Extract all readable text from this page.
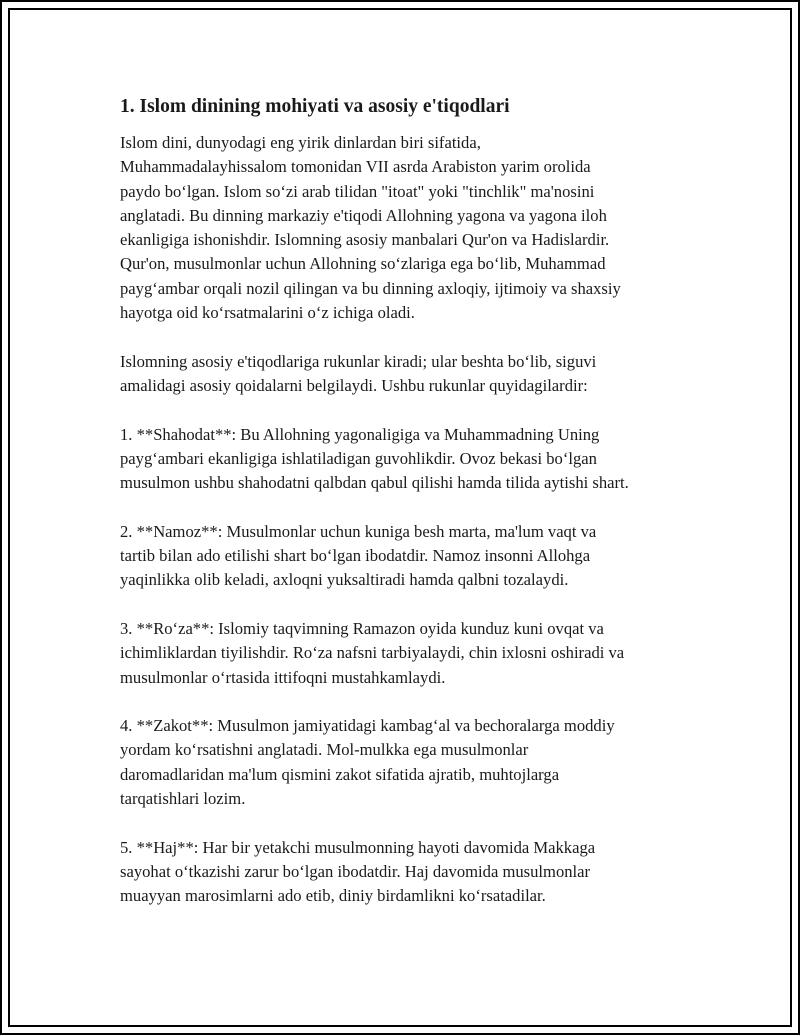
1. Islom dinining mohiyati va asosiy e'tiqodlari

Islom dini, dunyodagi eng yirik dinlardan biri sifatida,
Muhammadalayhissalom tomonidan VII asrda Arabiston yarim orolida
paydo boʻlgan. Islom soʻzi arab tilidan "itoat" yoki "tinchlik" ma'nosini
anglatadi. Bu dinning markaziy e'tiqodi Allohning yagona va yagona iloh
ekanligiga ishonishdir. Islomning asosiy manbalari Qur'on va Hadislardir.
Qur'on, musulmonlar uchun Allohning soʻzlariga ega boʻlib, Muhammad
paygʻambar orqali nozil qilingan va bu dinning axloqiy, ijtimoiy va shaxsiy
hayotga oid koʻrsatmalarini oʻz ichiga oladi.

Islomning asosiy e'tiqodlariga rukunlar kiradi; ular beshta boʻlib, siguvi
amalidagi asosiy qoidalarni belgilaydi. Ushbu rukunlar quyidagilardir:

1. **Shahodat**: Bu Allohning yagonaligiga va Muhammadning Uning
paygʻambari ekanligiga ishlatiladigan guvohlikdir. Ovoz bekasi boʻlgan
musulmon ushbu shahodatni qalbdan qabul qilishi hamda tilida aytishi shart.

2. **Namoz**: Musulmonlar uchun kuniga besh marta, ma'lum vaqt va
tartib bilan ado etilishi shart boʻlgan ibodatdir. Namoz insonni Allohga
yaqinlikka olib keladi, axloqni yuksaltiradi hamda qalbni tozalaydi.

3. **Roʻza**: Islomiy taqvimning Ramazon oyida kunduz kuni ovqat va
ichimliklardan tiyilishdir. Roʻza nafsni tarbiyalaydi, chin ixlosni oshiradi va
musulmonlar oʻrtasida ittifoqni mustahkamlaydi.

4. **Zakot**: Musulmon jamiyatidagi kambagʻal va bechoralarga moddiy
yordam koʻrsatishni anglatadi. Mol-mulkka ega musulmonlar
daromadlaridan ma'lum qismini zakot sifatida ajratib, muhtojlarga
tarqatishlari lozim.

5. **Haj**: Har bir yetakchi musulmonning hayoti davomida Makkaga
sayohat oʻtkazishi zarur boʻlgan ibodatdir. Haj davomida musulmonlar
muayyan marosimlarni ado etib, diniy birdamlikni koʻrsatadilar.
